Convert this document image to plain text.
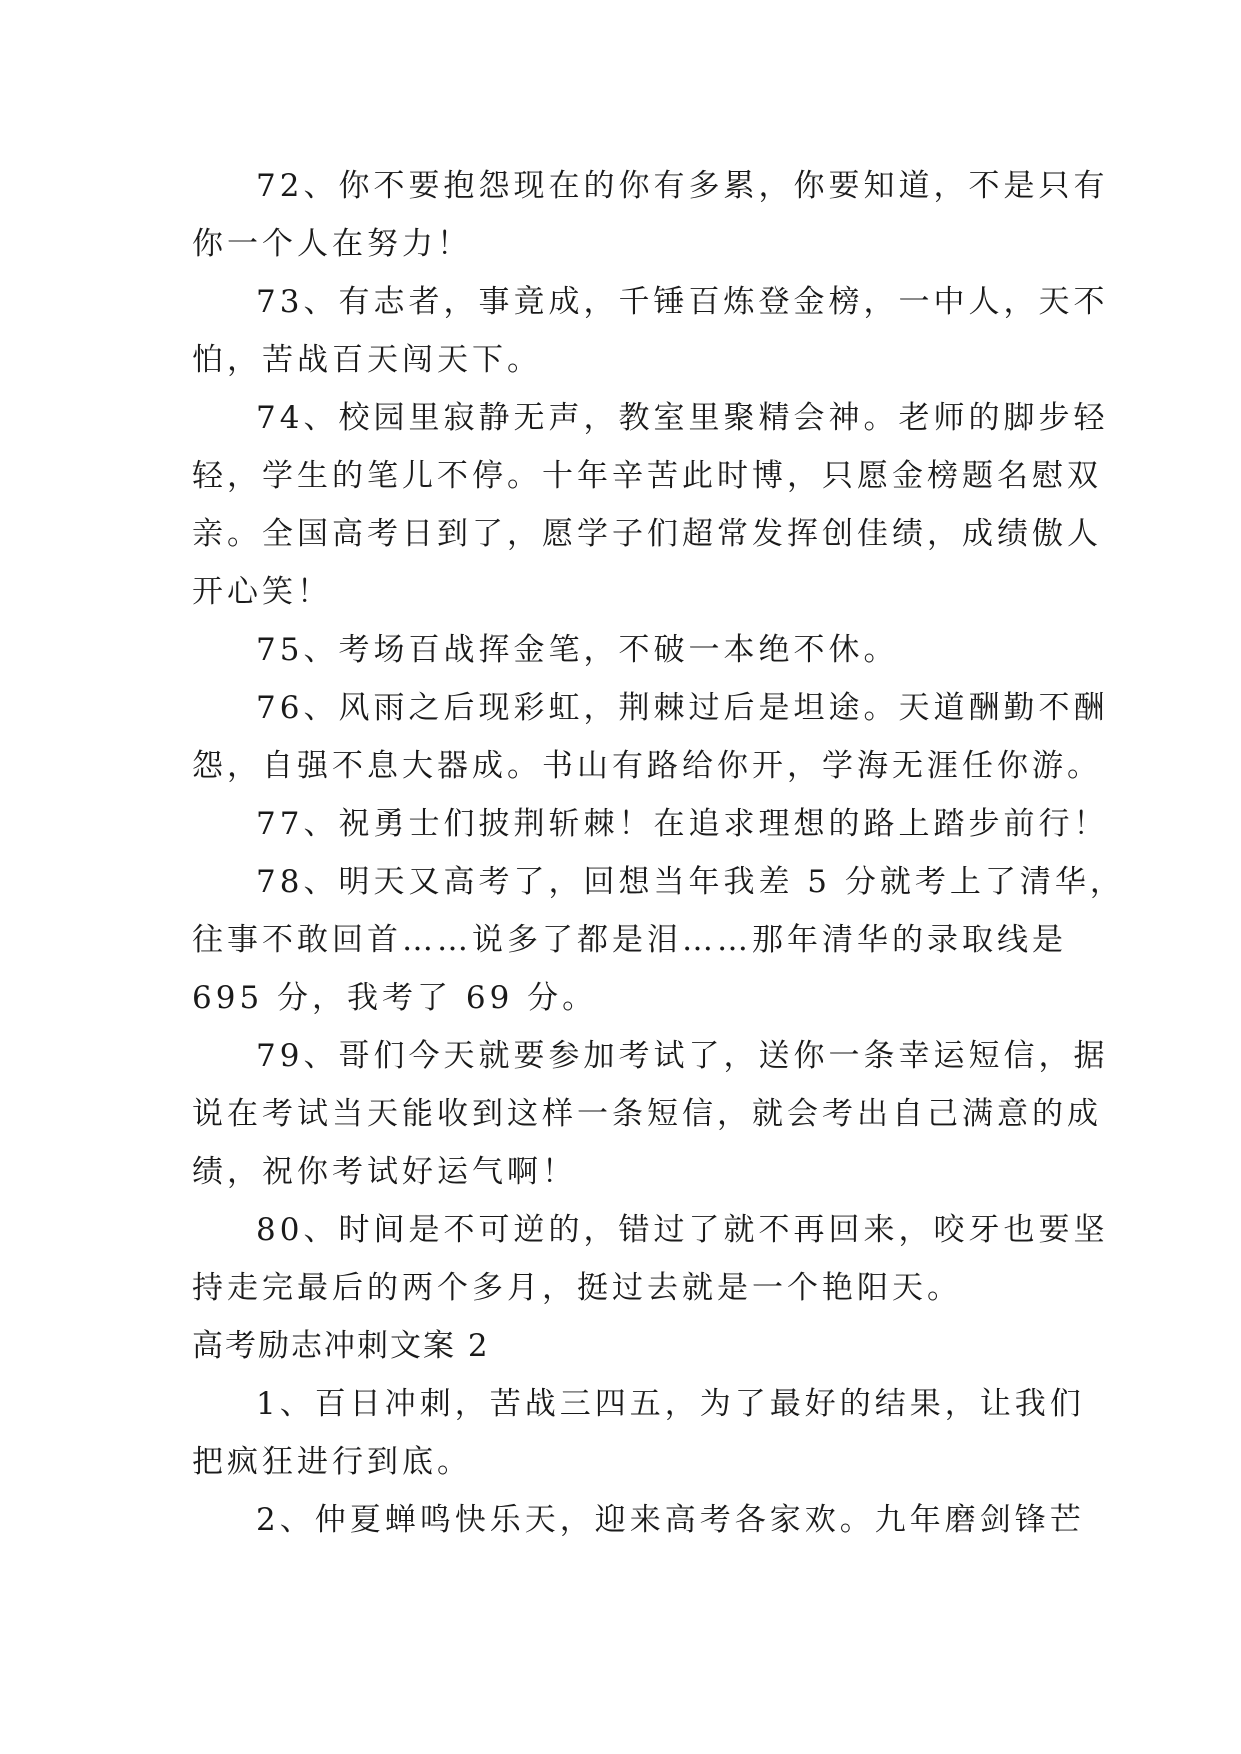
72、你不要抱怨现在的你有多累，你要知道，不是只有
你一个人在努力！
73、有志者，事竟成，千锤百炼登金榜，一中人，天不
怕，苦战百天闯天下。
74、校园里寂静无声，教室里聚精会神。老师的脚步轻
轻，学生的笔儿不停。十年辛苦此时博，只愿金榜题名慰双
亲。全国高考日到了，愿学子们超常发挥创佳绩，成绩傲人
开心笑！
75、考场百战挥金笔，不破一本绝不休。
76、风雨之后现彩虹，荆棘过后是坦途。天道酬勤不酬
怨，自强不息大器成。书山有路给你开，学海无涯任你游。
77、祝勇士们披荆斩棘！在追求理想的路上踏步前行！
78、明天又高考了，回想当年我差 5 分就考上了清华，
往事不敢回首……说多了都是泪……那年清华的录取线是
695 分，我考了 69 分。
79、哥们今天就要参加考试了，送你一条幸运短信，据
说在考试当天能收到这样一条短信，就会考出自己满意的成
绩，祝你考试好运气啊！
80、时间是不可逆的，错过了就不再回来，咬牙也要坚
持走完最后的两个多月，挺过去就是一个艳阳天。
高考励志冲刺文案 2
1、百日冲刺，苦战三四五，为了最好的结果，让我们
把疯狂进行到底。
2、仲夏蝉鸣快乐天，迎来高考各家欢。九年磨剑锋芒
